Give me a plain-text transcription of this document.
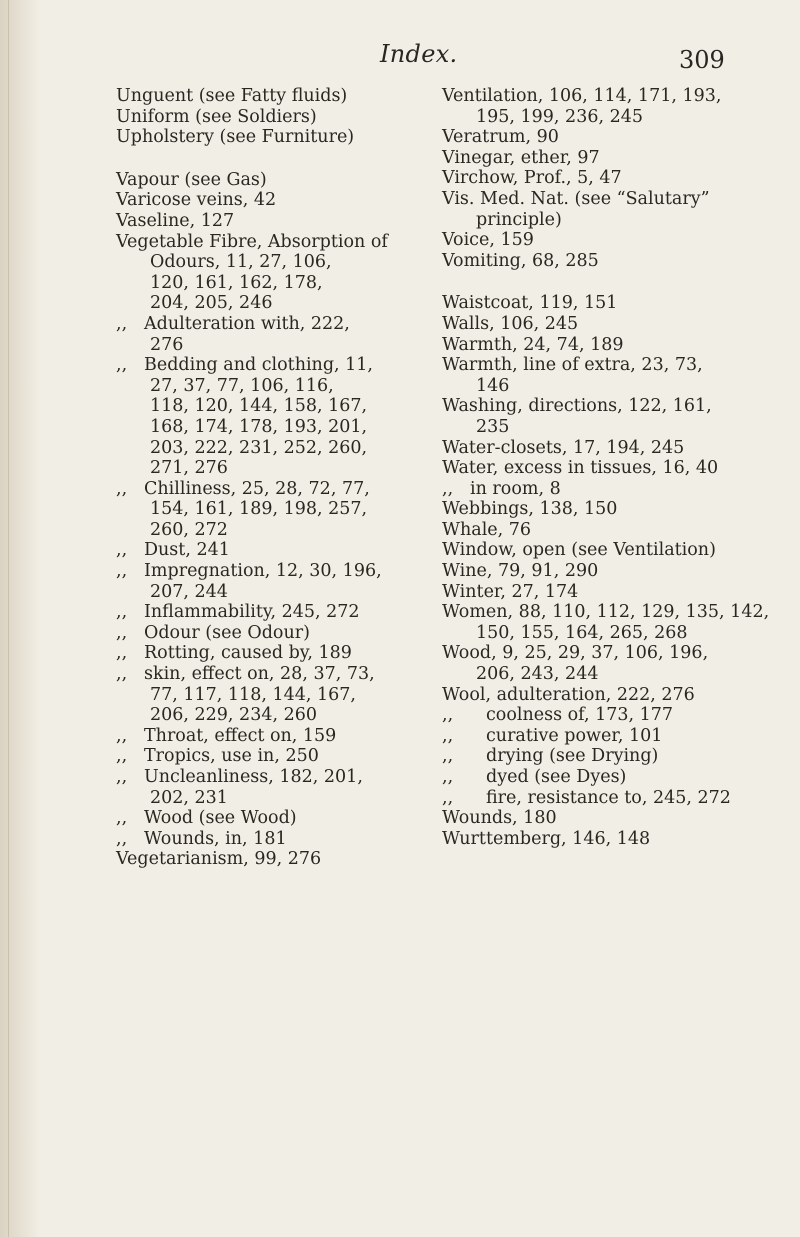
Index.	309
Unguent (see Fatty fluids)
Uniform (see Soldiers)
Upholstery (see Furniture)
Vapour (see Gas)
Varicose veins, 42
Vaseline, 127
Vegetable Fibre, Absorption of
Odours, 11, 27, 106,
120, 161, 162, 178,
204, 205, 246
,, Adulteration with, 222,
276
,, Bedding and clothing, 11,
27, 37, 77, 106, 116,
118, 120, 144, 158, 167,
168, 174, 178, 193, 201,
203, 222, 231, 252, 260,
271, 276
,, Chilliness, 25, 28, 72, 77,
154, 161, 189, 198, 257,
260, 272
,, Dust, 241
,, Impregnation, 12, 30, 196,
207, 244
,, Inflammability, 245, 272
,, Odour (see Odour)
,, Rotting, caused by, 189
,, skin, effect on, 28, 37, 73,
77, 117, 118, 144, 167,
206, 229, 234, 260
,, Throat, effect on, 159
,, Tropics, use in, 250
,, Uncleanliness, 182, 201,
202, 231
,, Wood (see Wood)
,, Wounds, in, 181
Vegetarianism, 99, 276
Ventilation, 106, 114, 171, 193,
195, 199, 236, 245
Veratrum, 90
Vinegar, ether, 97
Virchow, Prof., 5, 47
Vis. Med. Nat. (see “Salutary”
principle)
Voice, 159
Vomiting, 68, 285
Waistcoat, 119, 151
Walls, 106, 245
Warmth, 24, 74, 189
Warmth, line of extra, 23, 73,
146
Washing, directions, 122, 161,
235
Water-closets, 17, 194, 245
Water, excess in tissues, 16, 40
,, in room, 8
Webbings, 138, 150
Whale, 76
Window, open (see Ventilation)
Wine, 79, 91, 290
Winter, 27, 174
Women, 88, 110, 112, 129, 135, 142,
150, 155, 164, 265, 268
Wood, 9, 25, 29, 37, 106, 196,
206, 243, 244
Wool, adulteration, 222, 276
,, coolness of, 173, 177
,, curative power, 101
,, drying (see Drying)
,, dyed (see Dyes)
,, fire, resistance to, 245, 272
Wounds, 180
Wurttemberg, 146, 148
